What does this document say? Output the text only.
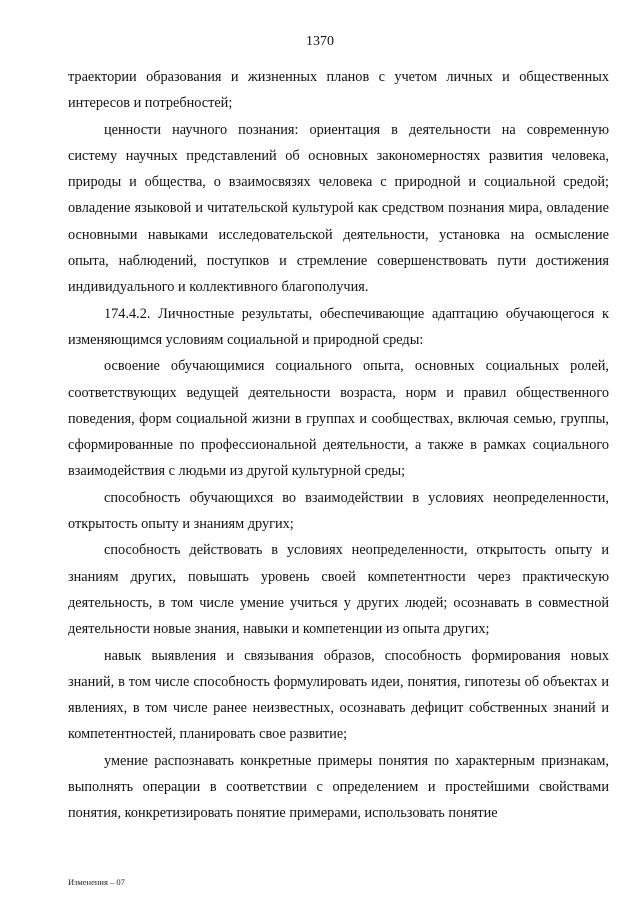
1370

траектории образования и жизненных планов с учетом личных и общественных интересов и потребностей;

ценности научного познания: ориентация в деятельности на современную систему научных представлений об основных закономерностях развития человека, природы и общества, о взаимосвязях человека с природной и социальной средой; овладение языковой и читательской культурой как средством познания мира, овладение основными навыками исследовательской деятельности, установка на осмысление опыта, наблюдений, поступков и стремление совершенствовать пути достижения индивидуального и коллективного благополучия.

174.4.2. Личностные результаты, обеспечивающие адаптацию обучающегося к изменяющимся условиям социальной и природной среды:

освоение обучающимися социального опыта, основных социальных ролей, соответствующих ведущей деятельности возраста, норм и правил общественного поведения, форм социальной жизни в группах и сообществах, включая семью, группы, сформированные по профессиональной деятельности, а также в рамках социального взаимодействия с людьми из другой культурной среды;

способность обучающихся во взаимодействии в условиях неопределенности, открытость опыту и знаниям других;

способность действовать в условиях неопределенности, открытость опыту и знаниям других, повышать уровень своей компетентности через практическую деятельность, в том числе умение учиться у других людей; осознавать в совместной деятельности новые знания, навыки и компетенции из опыта других;

навык выявления и связывания образов, способность формирования новых знаний, в том числе способность формулировать идеи, понятия, гипотезы об объектах и явлениях, в том числе ранее неизвестных, осознавать дефицит собственных знаний и компетентностей, планировать свое развитие;

умение распознавать конкретные примеры понятия по характерным признакам, выполнять операции в соответствии с определением и простейшими свойствами понятия, конкретизировать понятие примерами, использовать понятие

Изменения – 07
